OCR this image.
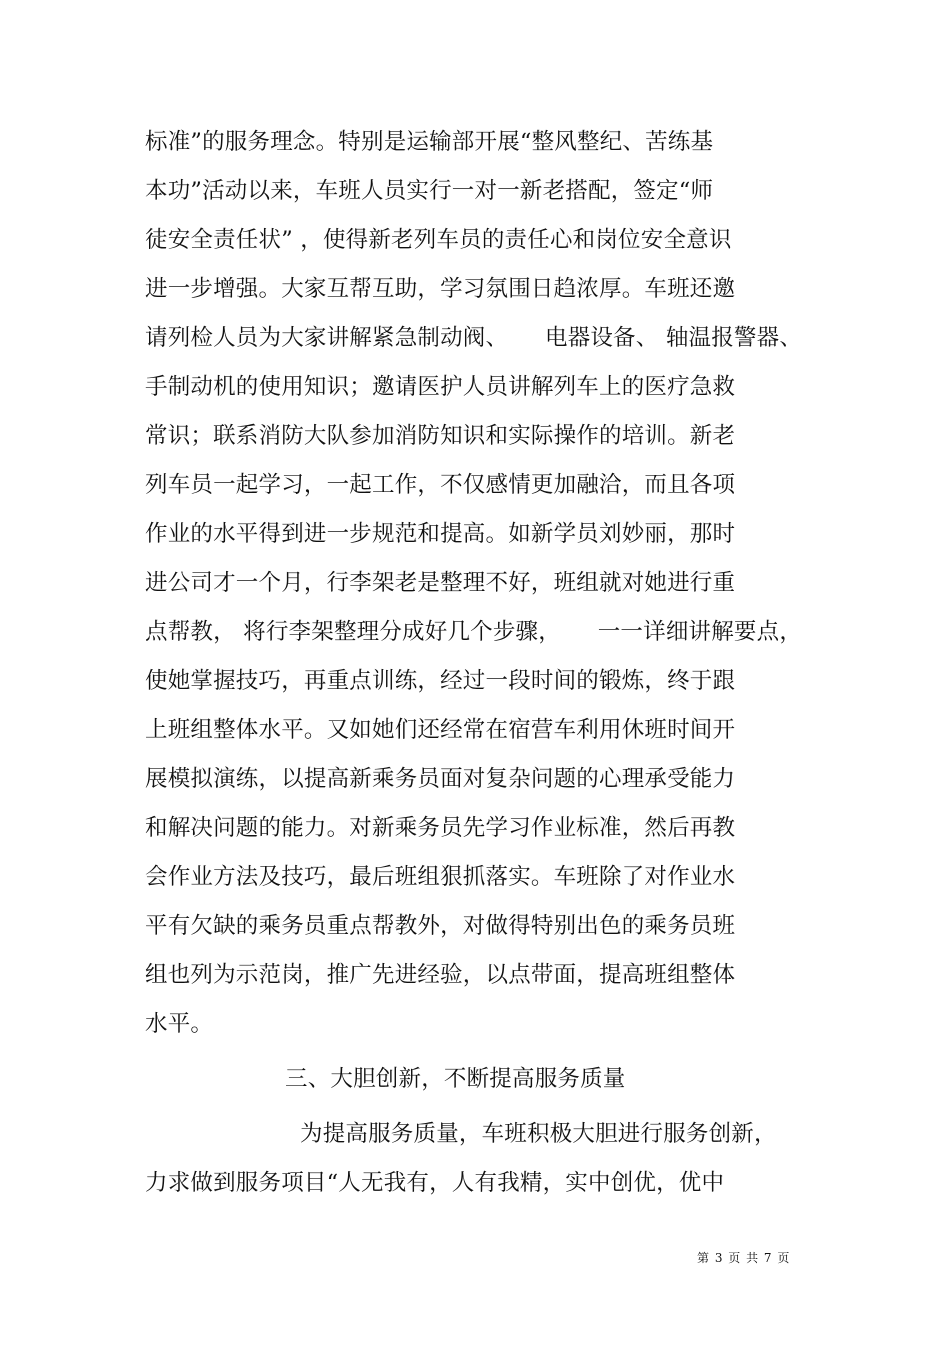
标准”的服务理念。特别是运输部开展“整风整纪、苦练基
本功”活动以来，车班人员实行一对一新老搭配，签定“师
徒安全责任状” ，使得新老列车员的责任心和岗位安全意识
进一步增强。大家互帮互助，学习氛围日趋浓厚。车班还邀
请列检人员为大家讲解紧急制动阀、     电器设备、 轴温报警器、
手制动机的使用知识；邀请医护人员讲解列车上的医疗急救
常识；联系消防大队参加消防知识和实际操作的培训。新老
列车员一起学习，一起工作，不仅感情更加融洽，而且各项
作业的水平得到进一步规范和提高。如新学员刘妙丽，那时
进公司才一个月，行李架老是整理不好，班组就对她进行重
点帮教， 将行李架整理分成好几个步骤，     一一详细讲解要点，
使她掌握技巧，再重点训练，经过一段时间的锻炼，终于跟
上班组整体水平。又如她们还经常在宿营车利用休班时间开
展模拟演练，以提高新乘务员面对复杂问题的心理承受能力
和解决问题的能力。对新乘务员先学习作业标准，然后再教
会作业方法及技巧，最后班组狠抓落实。车班除了对作业水
平有欠缺的乘务员重点帮教外，对做得特别出色的乘务员班
组也列为示范岗，推广先进经验，以点带面，提高班组整体
水平。
三、大胆创新，不断提高服务质量
为提高服务质量，车班积极大胆进行服务创新，
力求做到服务项目“人无我有，人有我精，实中创优，优中
第 3 页 共 7 页
